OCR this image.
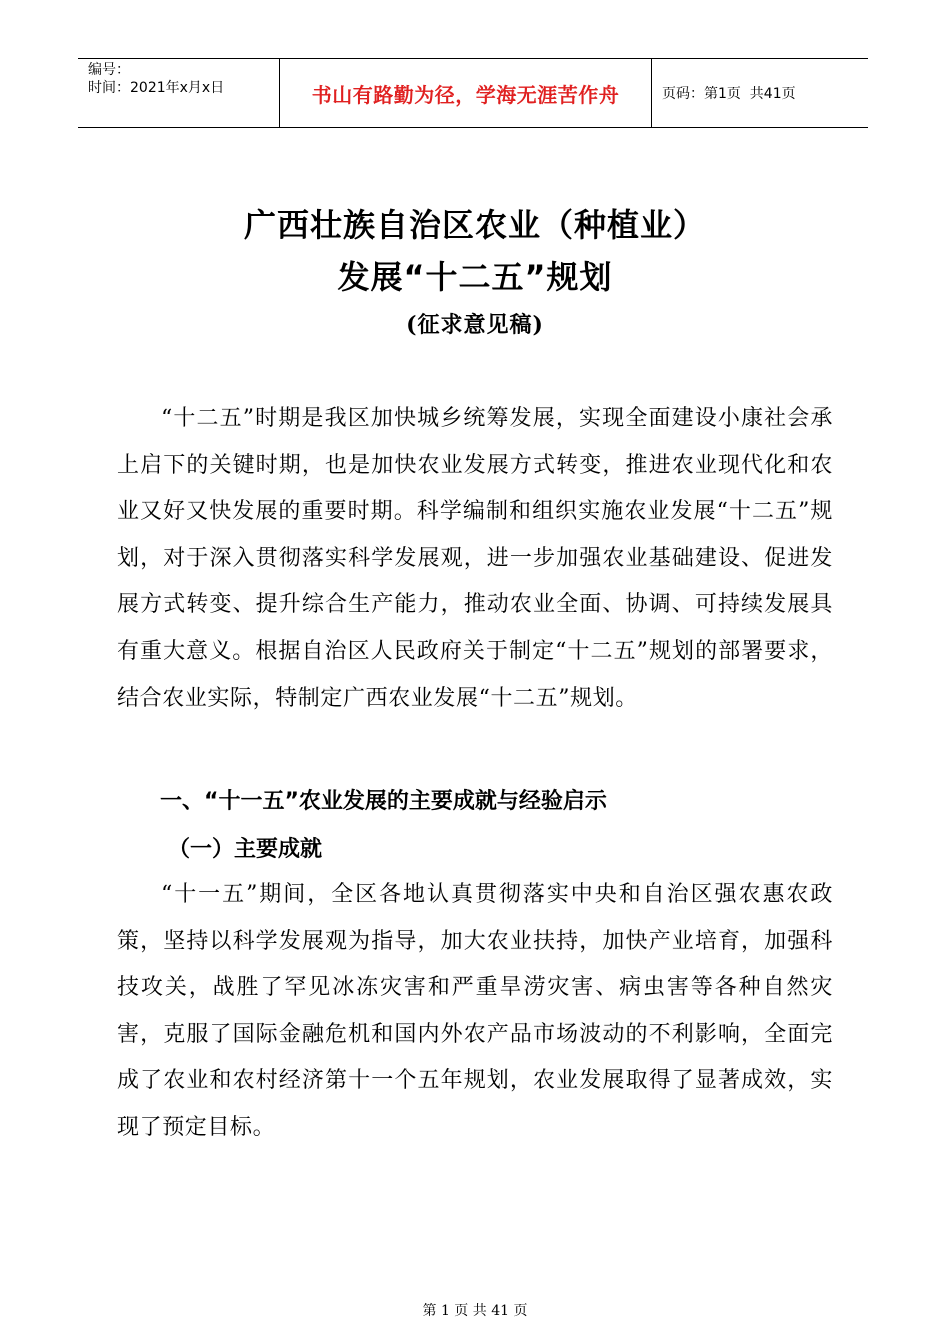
编号：
时间：2021年x月x日	书山有路勤为径，学海无涯苦作舟	页码：第1页  共41页
广西壮族自治区农业（种植业）
发展“十二五”规划
(征求意见稿)
“十二五”时期是我区加快城乡统筹发展，实现全面建设小康社会承上启下的关键时期，也是加快农业发展方式转变，推进农业现代化和农业又好又快发展的重要时期。科学编制和组织实施农业发展“十二五”规划，对于深入贯彻落实科学发展观，进一步加强农业基础建设、促进发展方式转变、提升综合生产能力，推动农业全面、协调、可持续发展具有重大意义。根据自治区人民政府关于制定“十二五”规划的部署要求，结合农业实际，特制定广西农业发展“十二五”规划。
一、“十一五”农业发展的主要成就与经验启示
（一）主要成就
“十一五”期间，全区各地认真贯彻落实中央和自治区强农惠农政策，坚持以科学发展观为指导，加大农业扶持，加快产业培育，加强科技攻关，战胜了罕见冰冻灾害和严重旱涝灾害、病虫害等各种自然灾害，克服了国际金融危机和国内外农产品市场波动的不利影响，全面完成了农业和农村经济第十一个五年规划，农业发展取得了显著成效，实现了预定目标。
第 1 页 共 41 页
